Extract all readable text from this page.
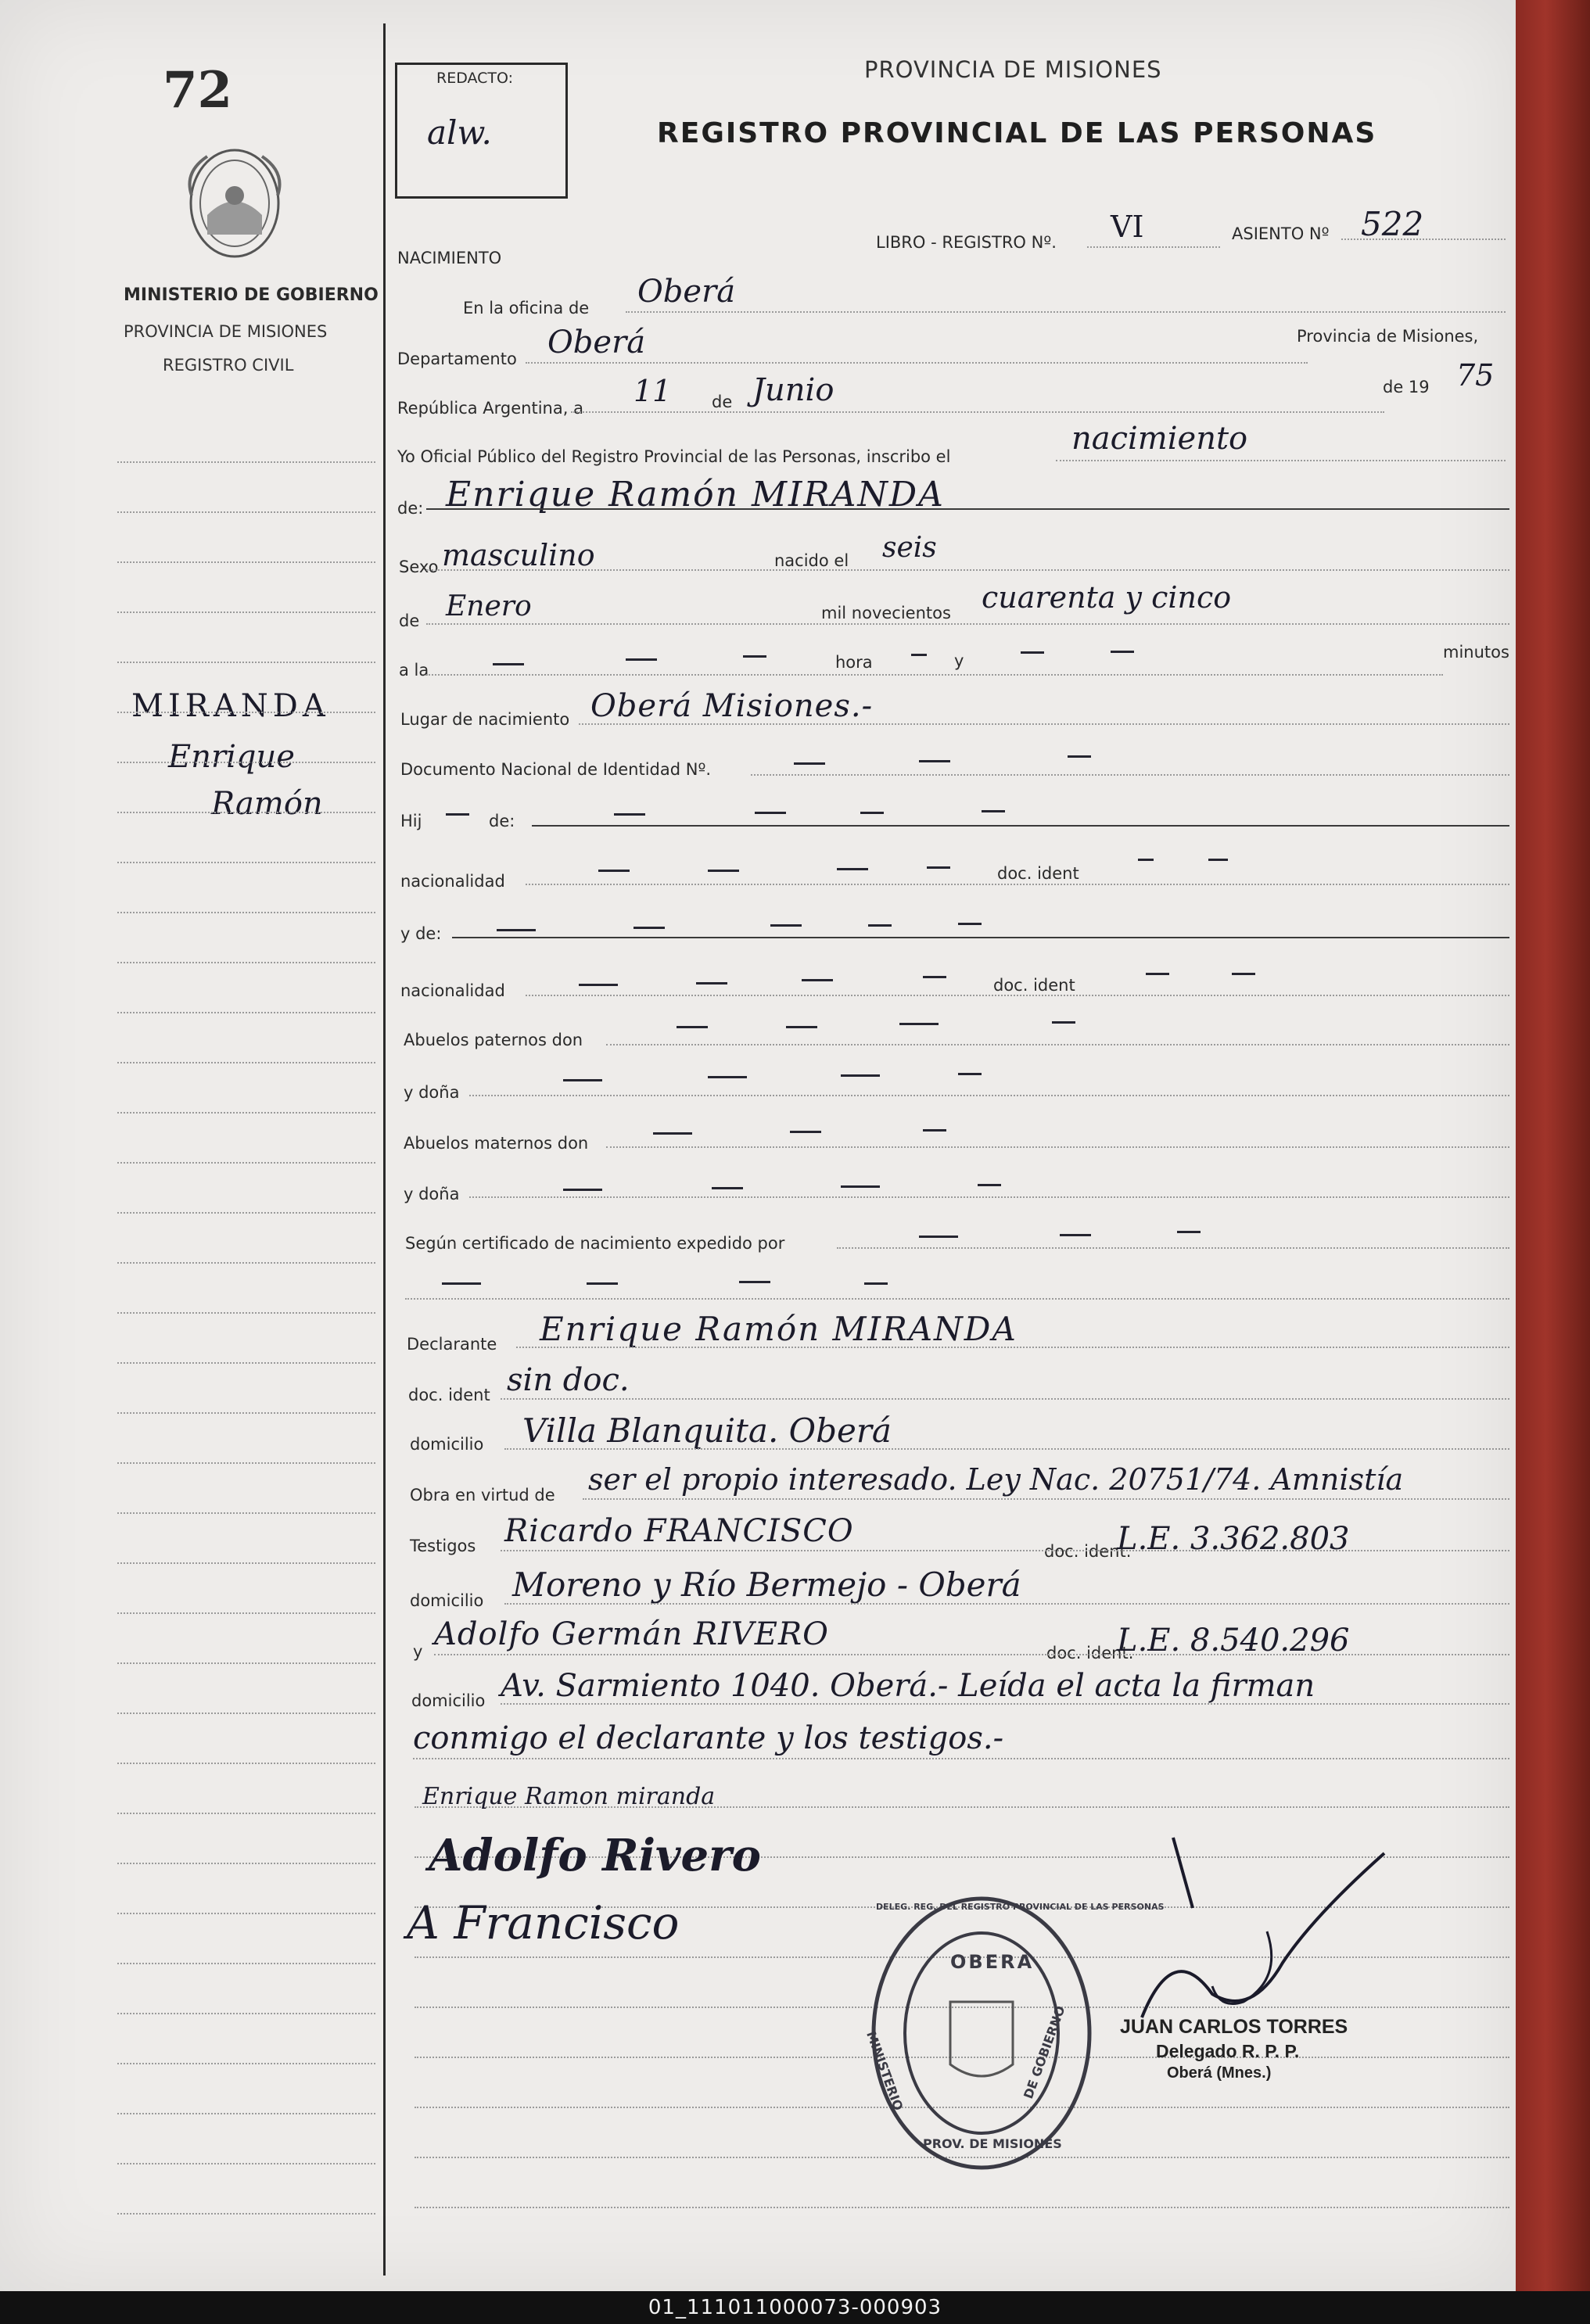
72
MINISTERIO DE GOBIERNO
PROVINCIA DE MISIONES
REGISTRO CIVIL
MIRANDA
Enrique
Ramón
REDACTO:
alw.
PROVINCIA DE MISIONES
REGISTRO PROVINCIAL DE LAS PERSONAS
NACIMIENTO
LIBRO - REGISTRO Nº. VI	ASIENTO Nº 522
En la oficina de Oberá
Departamento Oberá	Provincia de Misiones,
República Argentina, a 11 de Junio	de 19 75
Yo Oficial Público del Registro Provincial de las Personas, inscribo el	nacimiento
de: Enrique Ramón MIRANDA
Sexo masculino	nacido el seis
de Enero	mil novecientos cuarenta y cinco
a la	hora	y	minutos
Lugar de nacimiento Oberá Misiones.-
Documento Nacional de Identidad Nº.
Hij	de:
nacionalidad	doc. ident
y de:
nacionalidad	doc. ident
Abuelos paternos don
y doña
Abuelos maternos don
y doña
Según certificado de nacimiento expedido por
Declarante Enrique Ramón MIRANDA
doc. ident sin doc.
domicilio Villa Blanquita. Oberá
Obra en virtud de ser el propio interesado. Ley Nac. 20751/74. Amnistía
Testigos Ricardo FRANCISCO
doc. ident.
L.E. 3.362.803
domicilio Moreno y Río Bermejo - Oberá
y Adolfo Germán RIVERO
doc. ident.
L.E. 8.540.296
domicilio Av. Sarmiento 1040. Oberá.- Leída el acta la firman
conmigo el declarante y los testigos.-
Enrique Ramon miranda
Adolfo Rivero
A Francisco
OBERA
DELEG. REG. DEL REGISTRO PROVINCIAL DE LAS PERSONAS
MINISTERIO	DE GOBIERNO
PROV. DE MISIONES
JUAN CARLOS TORRES
Delegado R. P. P.
Oberá (Mnes.)
01_111011000073-000903
